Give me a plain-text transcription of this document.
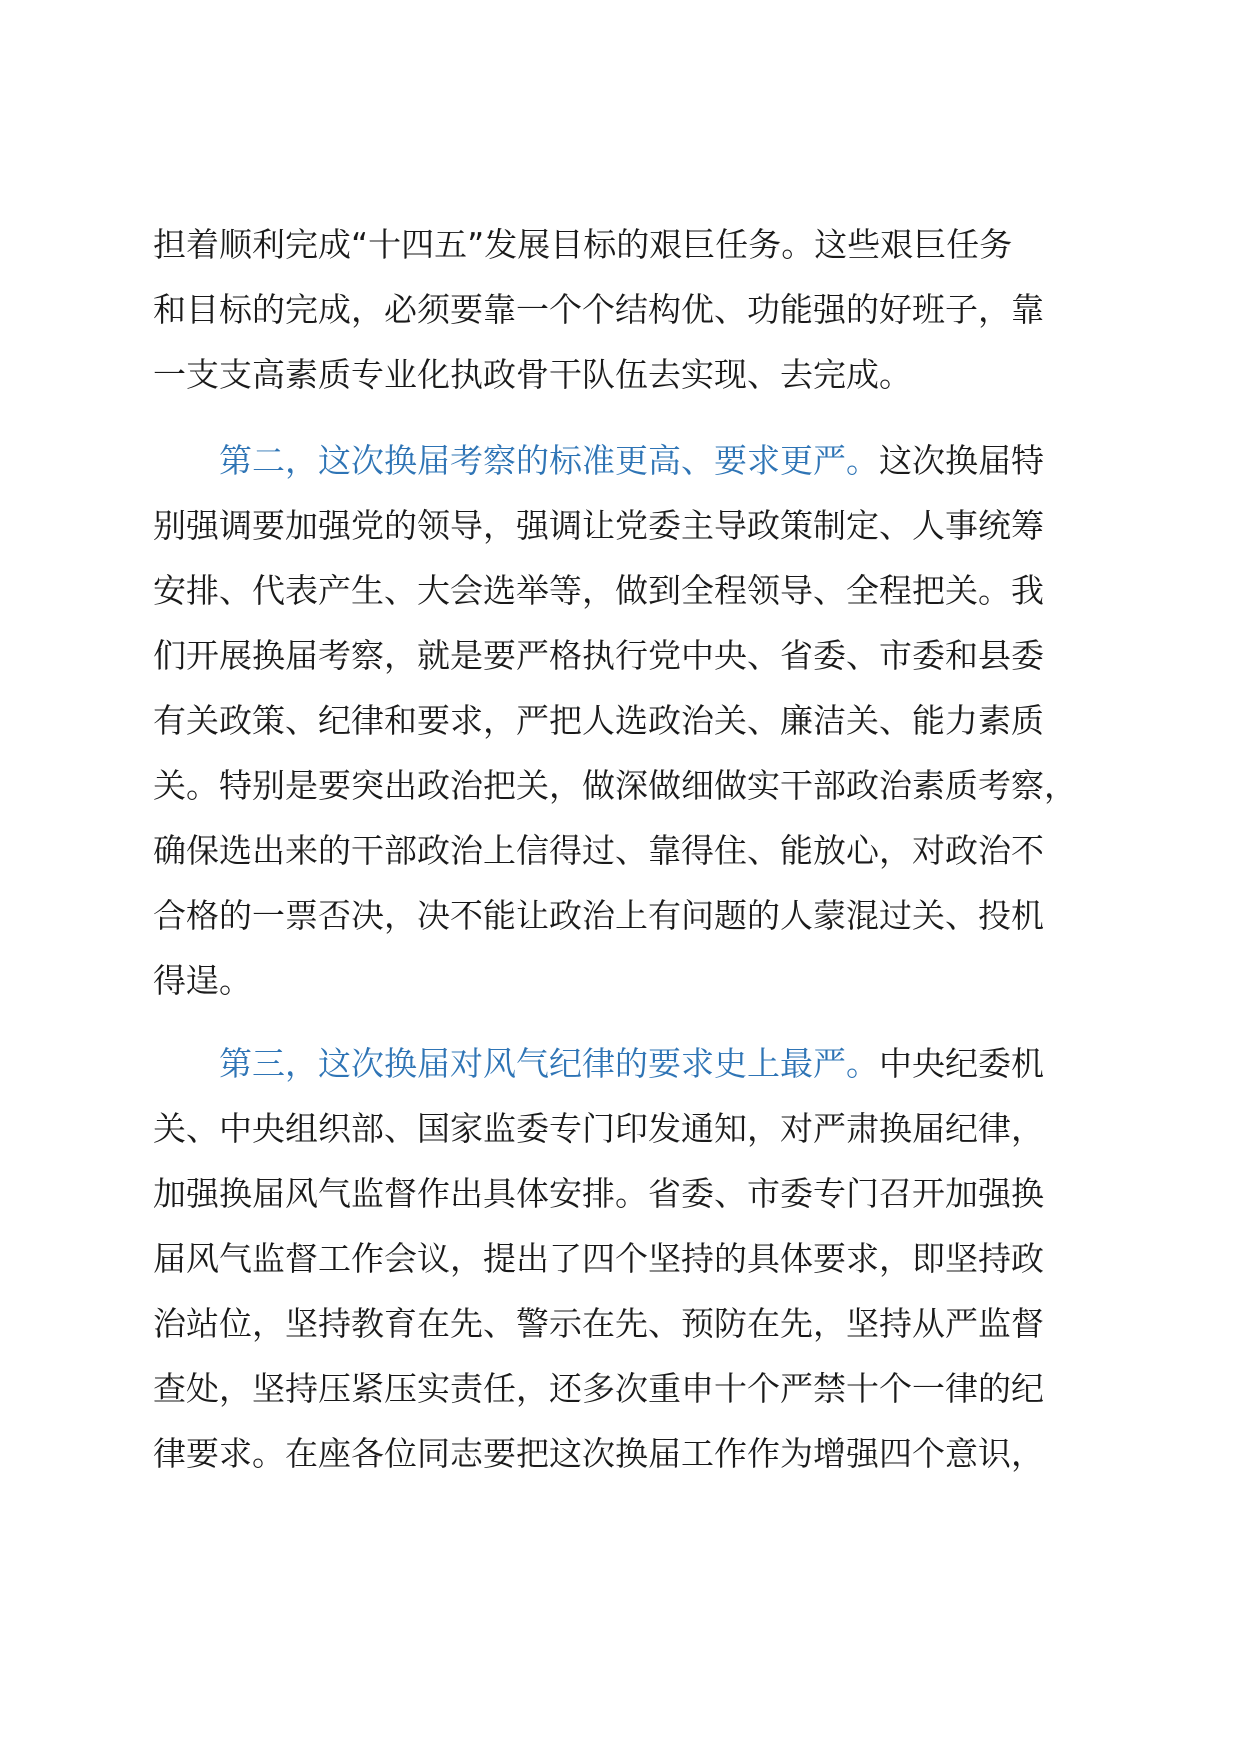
担着顺利完成“十四五”发展目标的艰巨任务。这些艰巨任务
和目标的完成，必须要靠一个个结构优、功能强的好班子，靠
一支支高素质专业化执政骨干队伍去实现、去完成。
第二，这次换届考察的标准更高、要求更严。这次换届特
别强调要加强党的领导，强调让党委主导政策制定、人事统筹
安排、代表产生、大会选举等，做到全程领导、全程把关。我
们开展换届考察，就是要严格执行党中央、省委、市委和县委
有关政策、纪律和要求，严把人选政治关、廉洁关、能力素质
关。特别是要突出政治把关，做深做细做实干部政治素质考察，
确保选出来的干部政治上信得过、靠得住、能放心，对政治不
合格的一票否决，决不能让政治上有问题的人蒙混过关、投机
得逞。
第三，这次换届对风气纪律的要求史上最严。中央纪委机
关、中央组织部、国家监委专门印发通知，对严肃换届纪律，
加强换届风气监督作出具体安排。省委、市委专门召开加强换
届风气监督工作会议，提出了四个坚持的具体要求，即坚持政
治站位，坚持教育在先、警示在先、预防在先，坚持从严监督
查处，坚持压紧压实责任，还多次重申十个严禁十个一律的纪
律要求。在座各位同志要把这次换届工作作为增强四个意识，
